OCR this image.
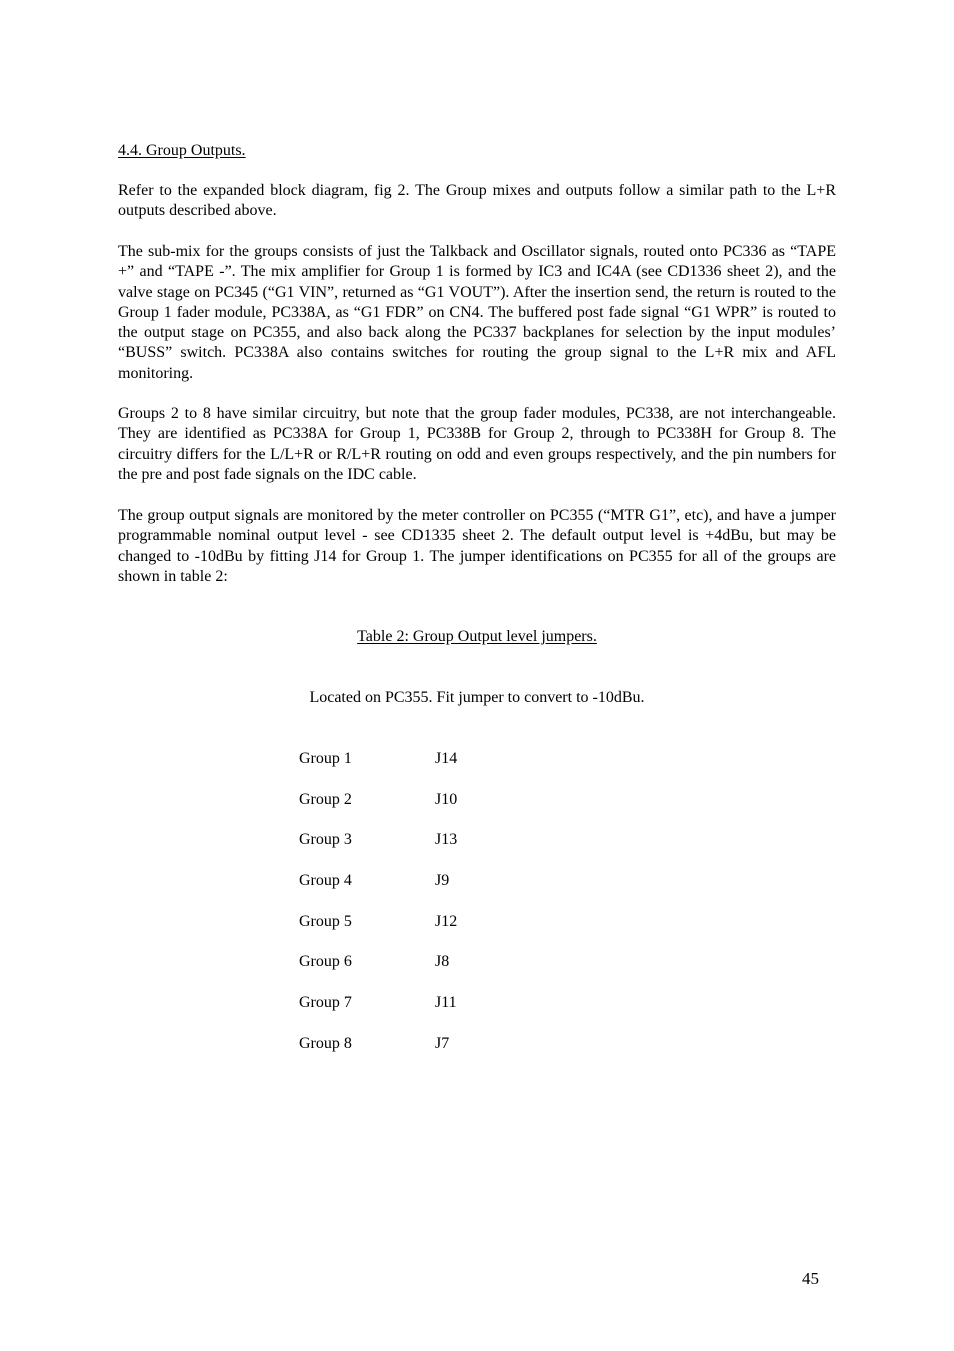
4.4. Group Outputs.

Refer to the expanded block diagram, fig 2. The Group mixes and outputs follow a similar path to the L+R outputs described above.

The sub-mix for the groups consists of just the Talkback and Oscillator signals, routed onto PC336 as “TAPE +” and “TAPE -”. The mix amplifier for Group 1 is formed by IC3 and IC4A (see CD1336 sheet 2), and the valve stage on PC345 (“G1 VIN”, returned as “G1 VOUT”). After the insertion send, the return is routed to the Group 1 fader module, PC338A, as “G1 FDR” on CN4. The buffered post fade signal “G1 WPR” is routed to the output stage on PC355, and also back along the PC337 backplanes for selection by the input modules’ “BUSS” switch. PC338A also contains switches for routing the group signal to the L+R mix and AFL monitoring.

Groups 2 to 8 have similar circuitry, but note that the group fader modules, PC338, are not interchangeable. They are identified as PC338A for Group 1, PC338B for Group 2, through to PC338H for Group 8. The circuitry differs for the L/L+R or R/L+R routing on odd and even groups respectively, and the pin numbers for the pre and post fade signals on the IDC cable.

The group output signals are monitored by the meter controller on PC355 (“MTR G1”, etc), and have a jumper programmable nominal output level - see CD1335 sheet 2. The default output level is +4dBu, but may be changed to -10dBu by fitting J14 for Group 1. The jumper identifications on PC355 for all of the groups are shown in table 2:

Table 2: Group Output level jumpers.

Located on PC355. Fit jumper to convert to -10dBu.

Group 1	J14
Group 2	J10
Group 3	J13
Group 4	J9
Group 5	J12
Group 6	J8
Group 7	J11
Group 8	J7
45
